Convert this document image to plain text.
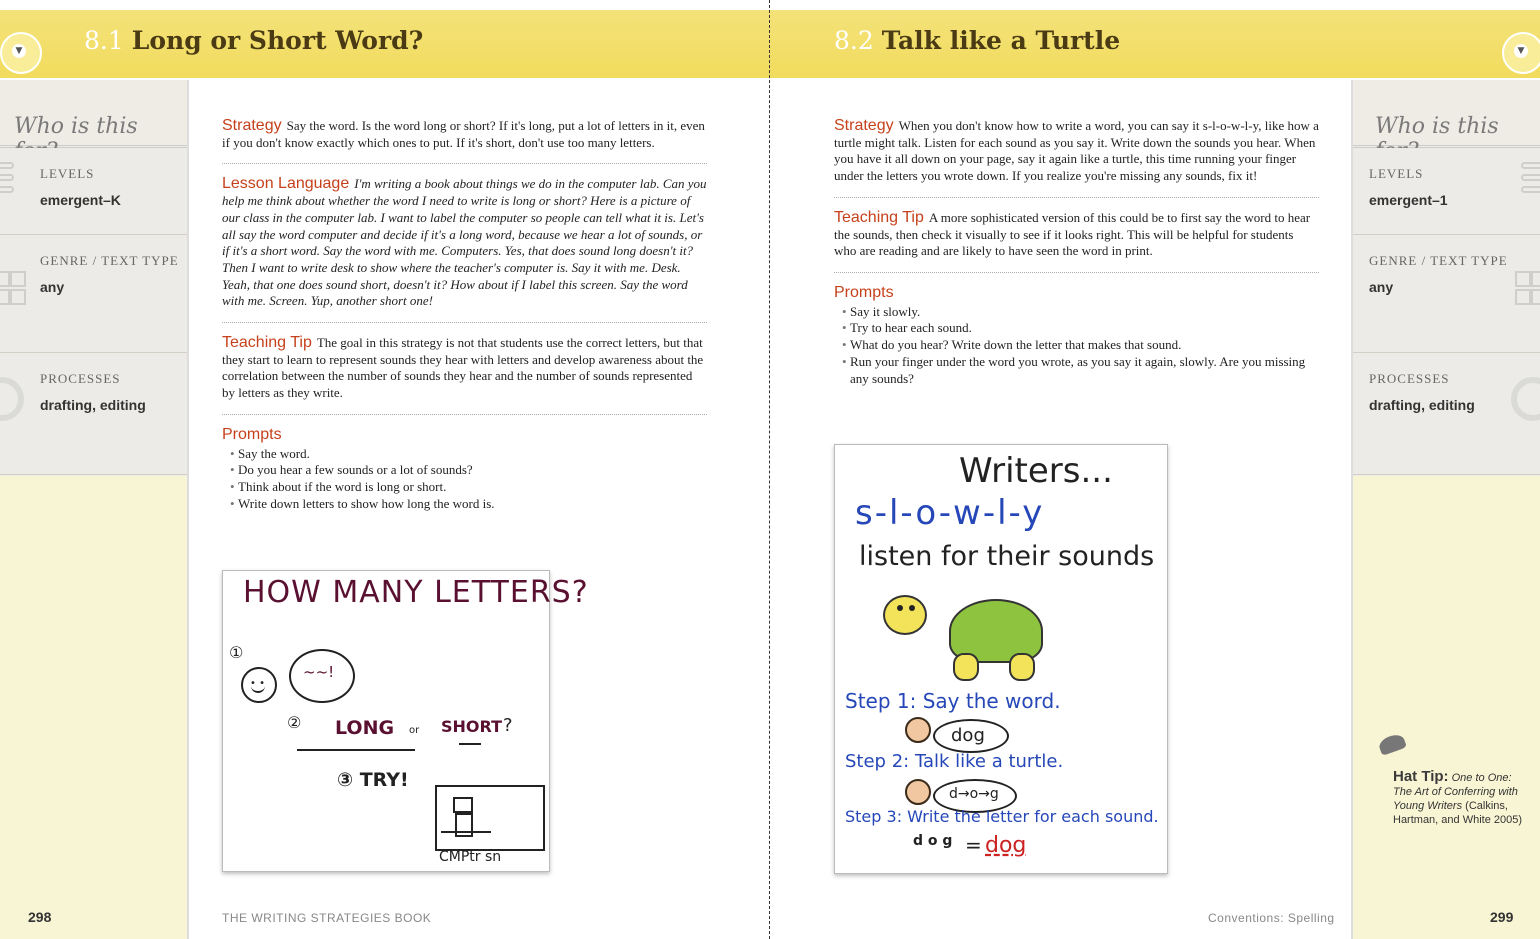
▼ 8.1 Long or Short Word?
Who is this
LEVELS
emergent–K
GENRE / TEXT TYPE
any
PROCESSES
drafting, editing
Strategy Say the word. Is the word long or short? If it's long, put a lot of letters in it, even if you don't know exactly which ones to put. If it's short, don't use too many letters.
Lesson Language I'm writing a book about things we do in the computer lab. Can you help me think about whether the word I need to write is long or short? Here is a picture of our class in the computer lab. I want to label the computer so people can tell what it is. Let's all say the word computer and decide if it's a long word, because we hear a lot of sounds, or if it's a short word. Say the word with me. Computers. Yes, that does sound long doesn't it? Then I want to write desk to show where the teacher's computer is. Say it with me. Desk. Yeah, that one does sound short, doesn't it? How about if I label this screen. Say the word with me. Screen. Yup, another short one!
Teaching Tip The goal in this strategy is not that students use the correct letters, but that they start to learn to represent sounds they hear with letters and develop awareness about the correlation between the number of sounds they hear and the number of sounds represented by letters as they write.
Prompts
• Say the word.
• Do you hear a few sounds or a lot of sounds?
• Think about if the word is long or short.
• Write down letters to show how long the word is.
HOW MANY LETTERS?
①
• •
~~!
② LONG or SHORT ?
③ TRY!
CMPtr sn
298	THE WRITING STRATEGIES BOOK
8.2 Talk like a Turtle	▼
Strategy When you don't know how to write a word, you can say it s-l-o-w-l-y, like how a turtle might talk. Listen for each sound as you say it. Write down the sounds you hear. When you have it all down on your page, say it again like a turtle, this time running your finger under the letters you wrote down. If you realize you're missing any sounds, fix it!
Teaching Tip A more sophisticated version of this could be to first say the word to hear the sounds, then check it visually to see if it looks right. This will be helpful for students who are reading and are likely to have seen the word in print.
Prompts
• Say it slowly.
• Try to hear each sound.
• What do you hear? Write down the letter that makes that sound.
• Run your finger under the word you wrote, as you say it again, slowly. Are you missing any sounds?
Writers...
s-l-o-w-l-y
listen for their sounds
Step 1: Say the word.
dog
Step 2: Talk like a turtle.
d→o→g
Step 3: Write the letter for each sound.
d o g = dog
Who is this
LEVELS
emergent–1
GENRE / TEXT TYPE
any
PROCESSES
drafting, editing
Hat Tip: One to One: The Art of Conferring with Young Writers (Calkins, Hartman, and White 2005)
Conventions: Spelling	299
